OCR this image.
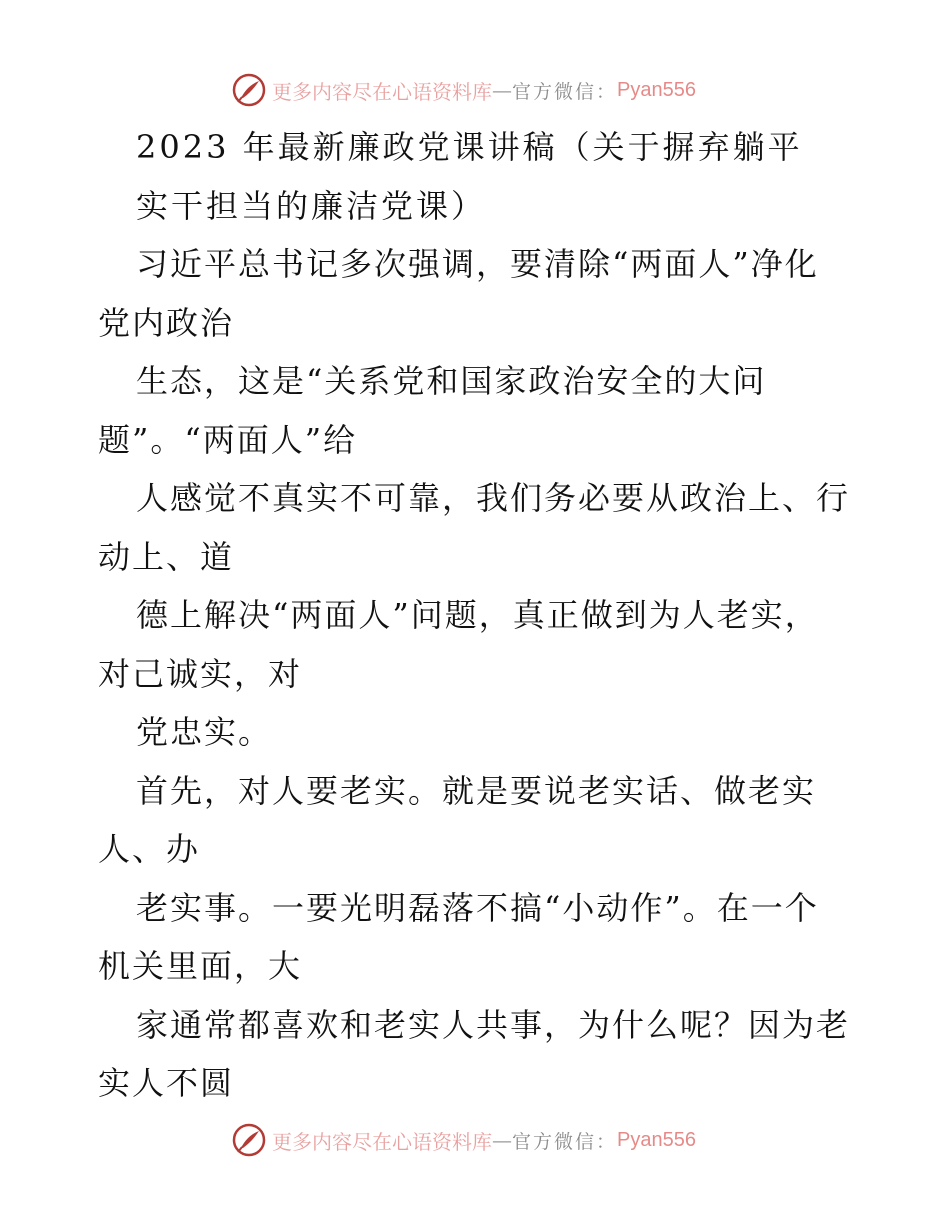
更多内容尽在心语资料库 — 官方微信： Pyan556
2023 年最新廉政党课讲稿（关于摒弃躺平
实干担当的廉洁党课）
习近平总书记多次强调，要清除“两面人”净化
党内政治
生态，这是“关系党和国家政治安全的大问
题”。“两面人”给
人感觉不真实不可靠，我们务必要从政治上、行
动上、道
德上解决“两面人”问题，真正做到为人老实，
对己诚实，对
党忠实。
首先，对人要老实。就是要说老实话、做老实
人、办
老实事。一要光明磊落不搞“小动作”。在一个
机关里面，大
家通常都喜欢和老实人共事，为什么呢？因为老
实人不圆
更多内容尽在心语资料库 — 官方微信： Pyan556
